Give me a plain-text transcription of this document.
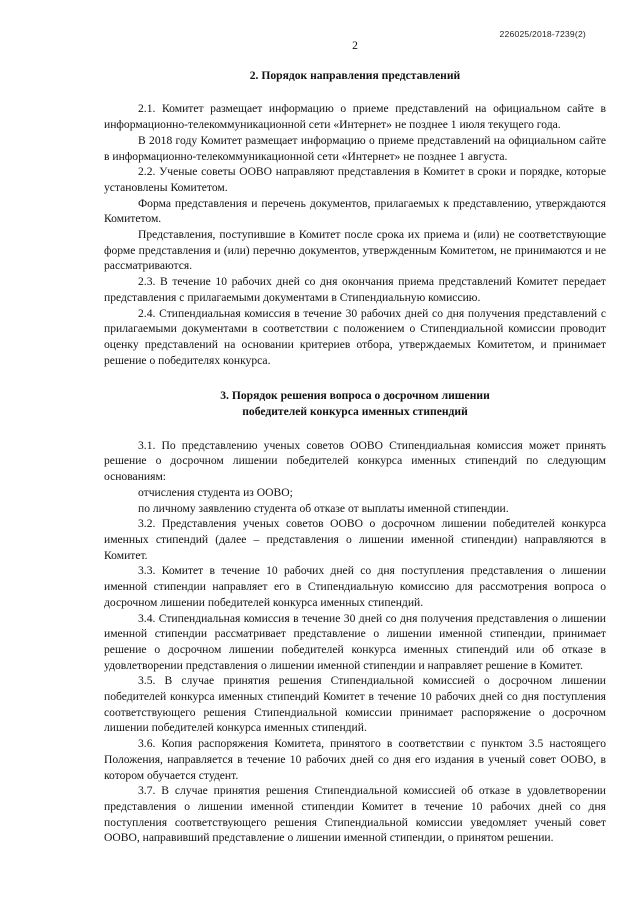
226025/2018-7239(2)
2
2. Порядок направления представлений

2.1. Комитет размещает информацию о приеме представлений на официальном сайте в информационно-телекоммуникационной сети «Интернет» не позднее 1 июля текущего года.

В 2018 году Комитет размещает информацию о приеме представлений на официальном сайте в информационно-телекоммуникационной сети «Интернет» не позднее 1 августа.

2.2. Ученые советы ООВО направляют представления в Комитет в сроки и порядке, которые установлены Комитетом.

Форма представления и перечень документов, прилагаемых к представлению, утверждаются Комитетом.

Представления, поступившие в Комитет после срока их приема и (или) не соответствующие форме представления и (или) перечню документов, утвержденным Комитетом, не принимаются и не рассматриваются.

2.3. В течение 10 рабочих дней со дня окончания приема представлений Комитет передает представления с прилагаемыми документами в Стипендиальную комиссию.

2.4. Стипендиальная комиссия в течение 30 рабочих дней со дня получения представлений с прилагаемыми документами в соответствии с положением о Стипендиальной комиссии проводит оценку представлений на основании критериев отбора, утверждаемых Комитетом, и принимает решение о победителях конкурса.

3. Порядок решения вопроса о досрочном лишении
победителей конкурса именных стипендий

3.1. По представлению ученых советов ООВО Стипендиальная комиссия может принять решение о досрочном лишении победителей конкурса именных стипендий по следующим основаниям:

отчисления студента из ООВО;

по личному заявлению студента об отказе от выплаты именной стипендии.

3.2. Представления ученых советов ООВО о досрочном лишении победителей конкурса именных стипендий (далее – представления о лишении именной стипендии) направляются в Комитет.

3.3. Комитет в течение 10 рабочих дней со дня поступления представления о лишении именной стипендии направляет его в Стипендиальную комиссию для рассмотрения вопроса о досрочном лишении победителей конкурса именных стипендий.

3.4. Стипендиальная комиссия в течение 30 дней со дня получения представления о лишении именной стипендии рассматривает представление о лишении именной стипендии, принимает решение о досрочном лишении победителей конкурса именных стипендий или об отказе в удовлетворении представления о лишении именной стипендии и направляет решение в Комитет.

3.5. В случае принятия решения Стипендиальной комиссией о досрочном лишении победителей конкурса именных стипендий Комитет в течение 10 рабочих дней со дня поступления соответствующего решения Стипендиальной комиссии принимает распоряжение о досрочном лишении победителей конкурса именных стипендий.

3.6. Копия распоряжения Комитета, принятого в соответствии с пунктом 3.5 настоящего Положения, направляется в течение 10 рабочих дней со дня его издания в ученый совет ООВО, в котором обучается студент.

3.7. В случае принятия решения Стипендиальной комиссией об отказе в удовлетворении представления о лишении именной стипендии Комитет в течение 10 рабочих дней со дня поступления соответствующего решения Стипендиальной комиссии уведомляет ученый совет ООВО, направивший представление о лишении именной стипендии, о принятом решении.
